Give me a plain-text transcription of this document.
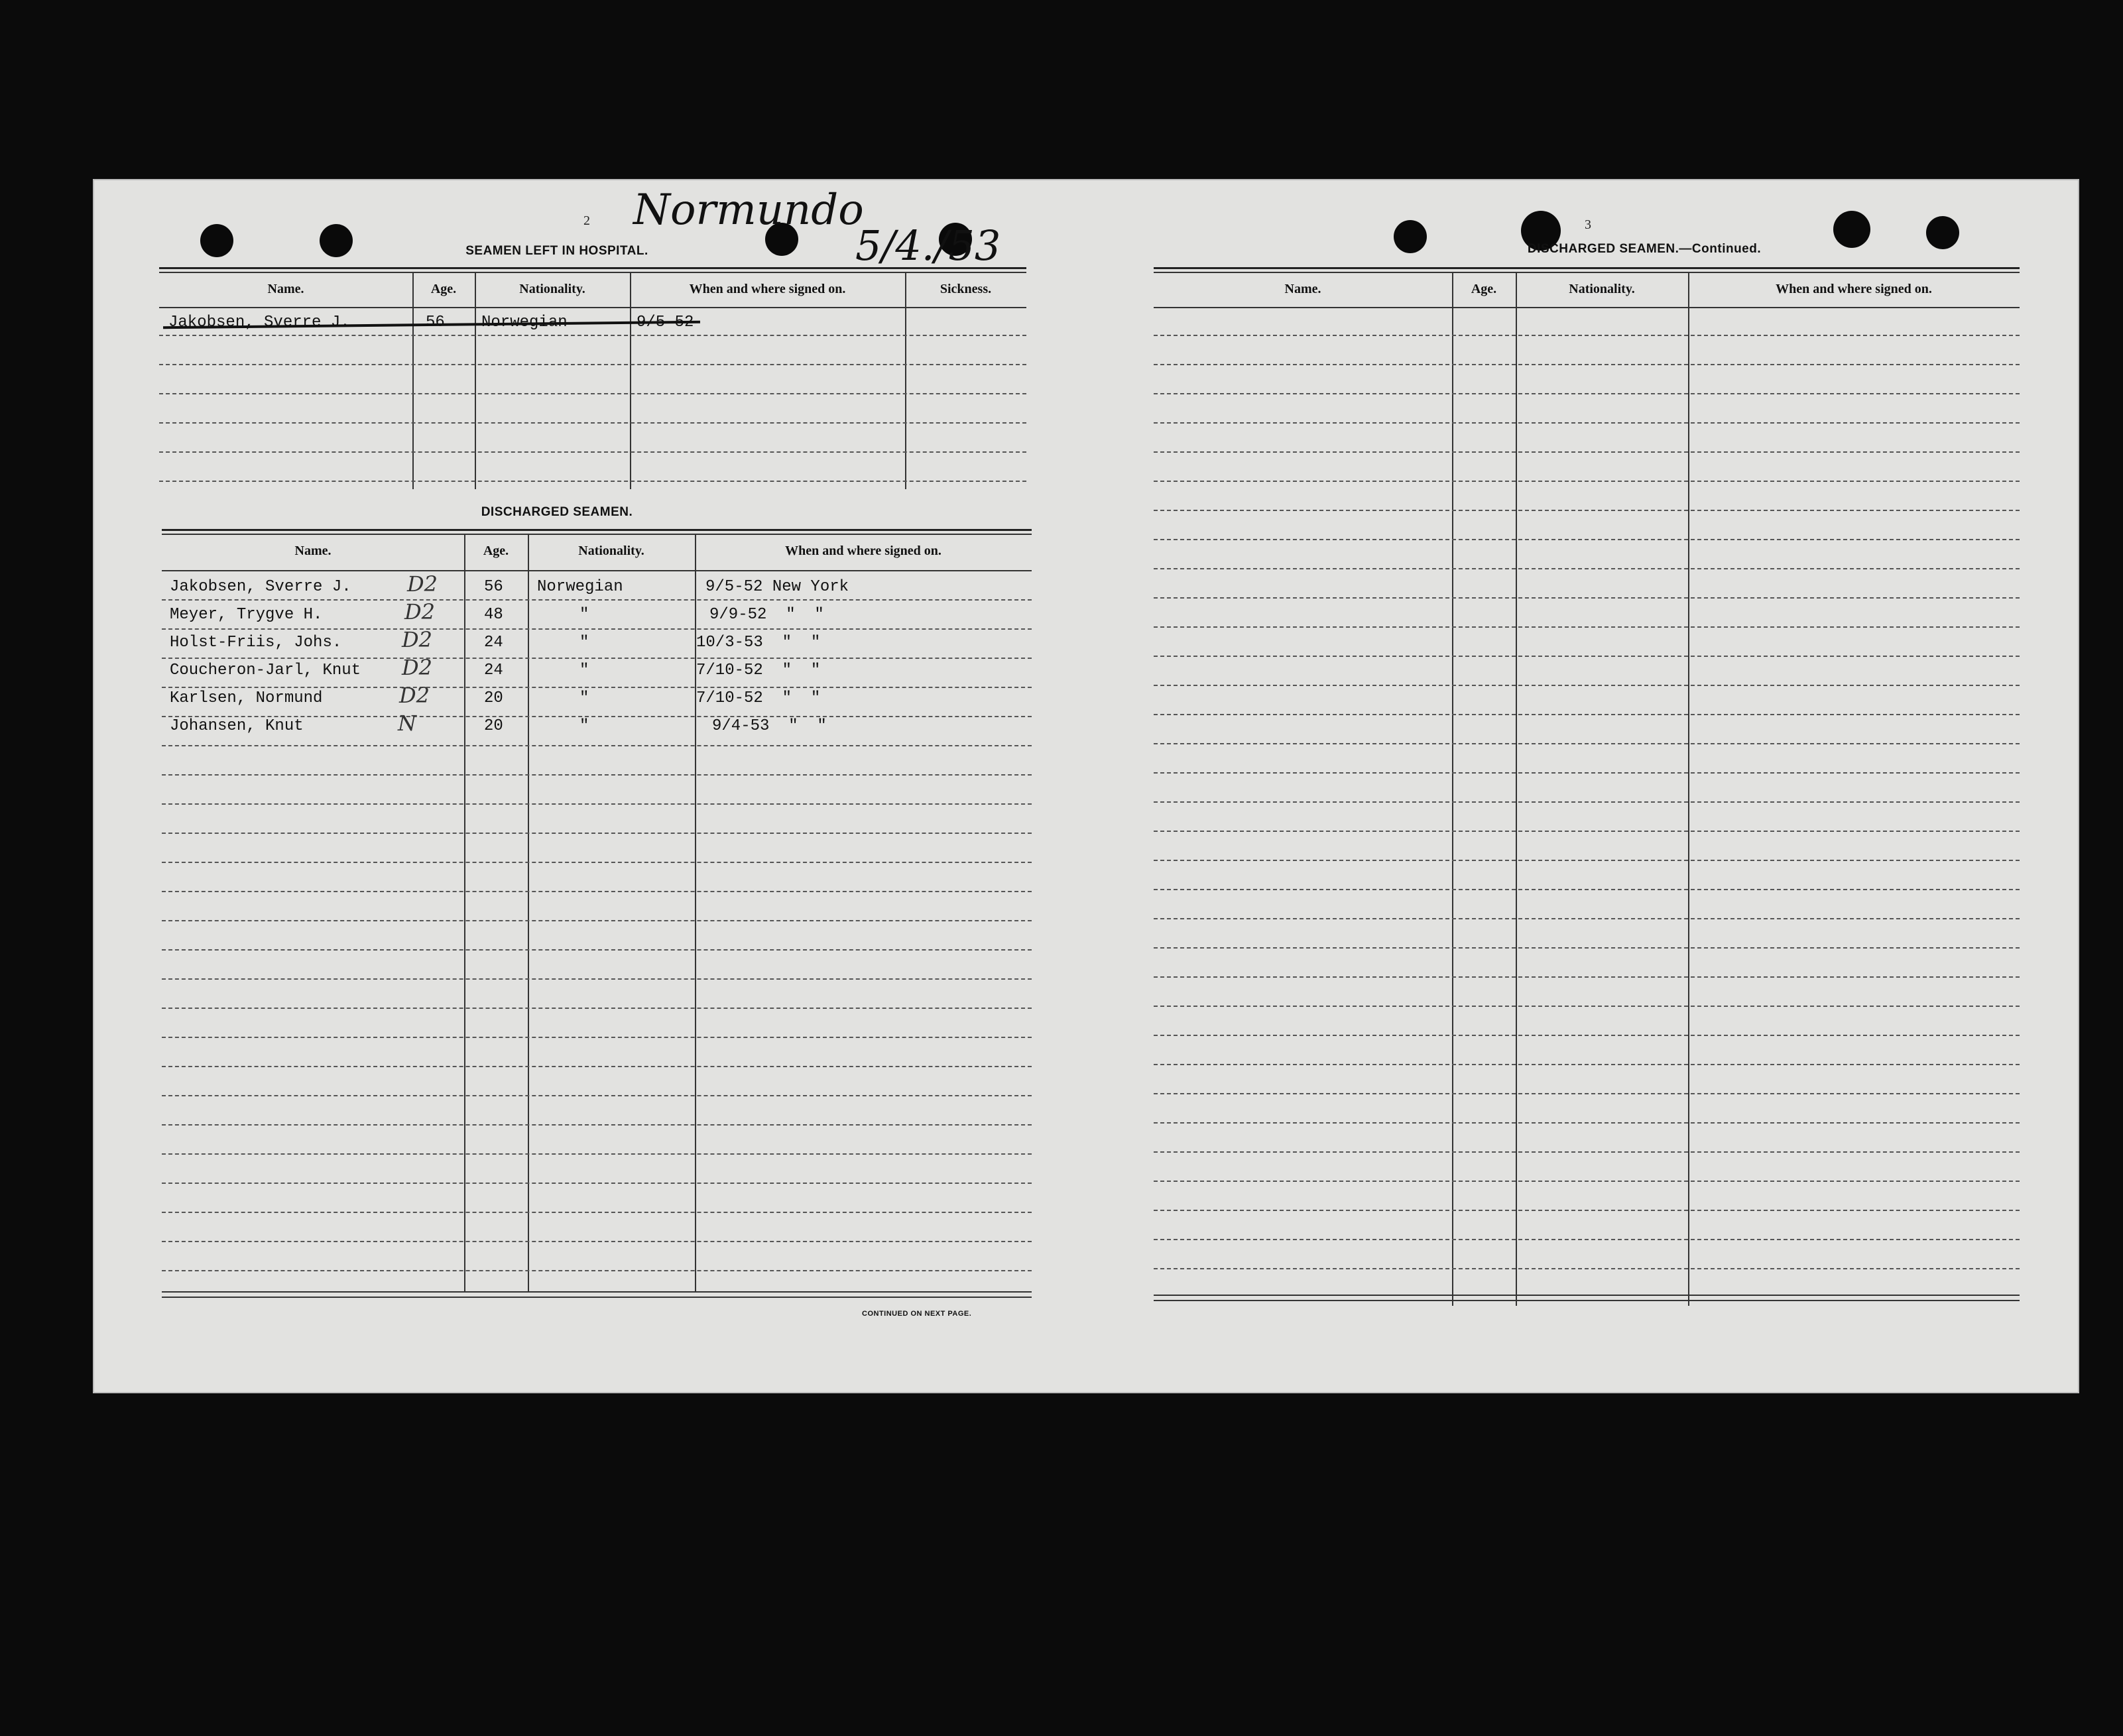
2 Normundo
5/4./53
SEAMEN LEFT IN HOSPITAL.
Name.	Age.	Nationality.	When and where signed on.	Sickness.
Jakobsen, Sverre J.	56 Norwegian	9/5-52
DISCHARGED SEAMEN.
Name.	Age.	Nationality.	When and where signed on.
Jakobsen, Sverre J.	D2	56 Norwegian	9/5-52 New York
Meyer, Trygve H.	D2	48	"	9/9-52  "  "
Holst-Friis, Johs.	D2	24	"	10/3-53  "  "
Coucheron-Jarl, Knut D2	24	"	7/10-52  "  "
Karlsen, Normund	D2	20	"	7/10-52  "  "
Johansen, Knut	N	20	"	9/4-53  "  "
CONTINUED ON NEXT PAGE.
3
DISCHARGED SEAMEN.—Continued.
Name.	Age.	Nationality.	When and where signed on.
